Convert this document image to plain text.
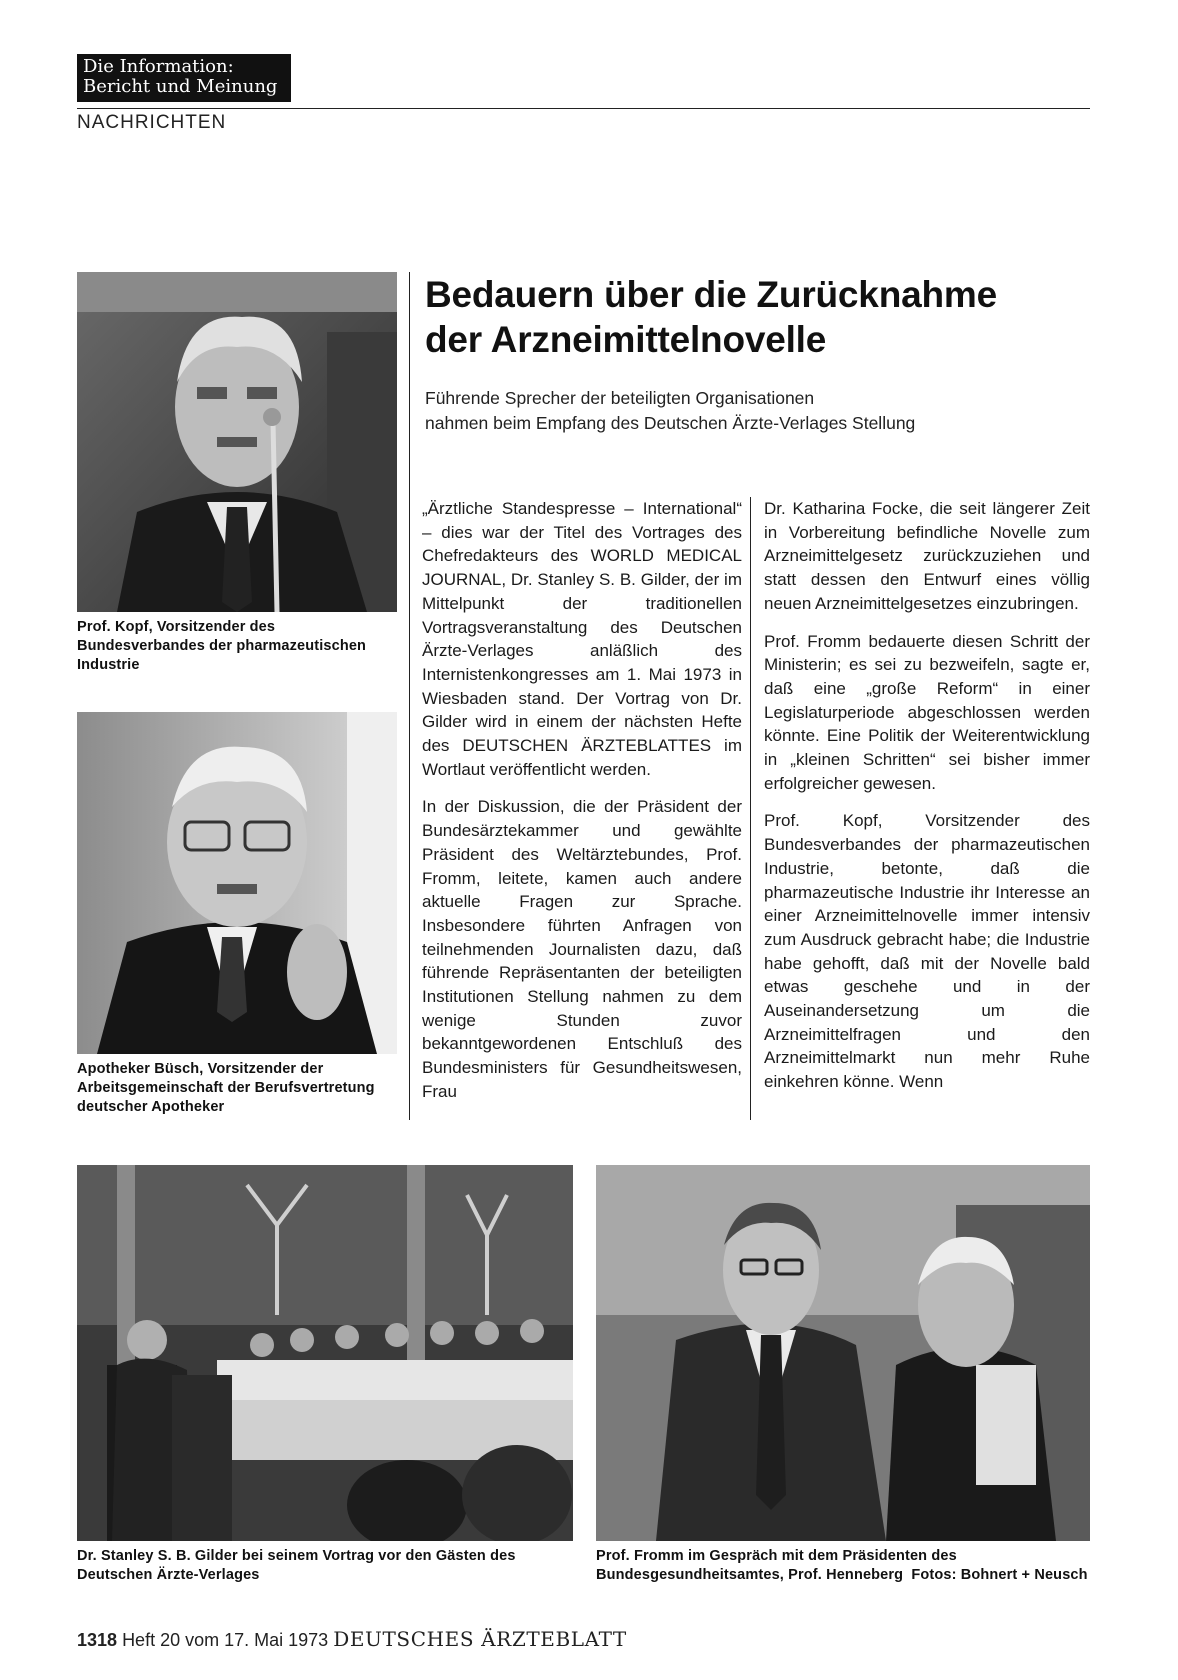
Die Information:
Bericht und Meinung
NACHRICHTEN
Prof. Kopf, Vorsitzender des Bundesverbandes der pharmazeutischen Industrie
Apotheker Büsch, Vorsitzender der Arbeitsgemeinschaft der Berufsvertretung deutscher Apotheker
Bedauern über die Zurücknahme
der Arzneimittelnovelle
Führende Sprecher der beteiligten Organisationen
nahmen beim Empfang des Deutschen Ärzte-Verlages Stellung

„Ärztliche Standespresse – International“ – dies war der Titel des Vortrages des Chefredakteurs des WORLD MEDICAL JOURNAL, Dr. Stanley S. B. Gilder, der im Mittelpunkt der traditionellen Vortragsveranstaltung des Deutschen Ärzte-Verlages anläßlich des Internistenkongresses am 1. Mai 1973 in Wiesbaden stand. Der Vortrag von Dr. Gilder wird in einem der nächsten Hefte des DEUTSCHEN ÄRZTEBLATTES im Wortlaut veröffentlicht werden.

In der Diskussion, die der Präsident der Bundesärztekammer und gewählte Präsident des Weltärztebundes, Prof. Fromm, leitete, kamen auch andere aktuelle Fragen zur Sprache. Insbesondere führten Anfragen von teilnehmenden Journalisten dazu, daß führende Repräsentanten der beteiligten Institutionen Stellung nahmen zu dem wenige Stunden zuvor bekanntgewordenen Entschluß des Bundesministers für Gesundheitswesen, Frau

Dr. Katharina Focke, die seit längerer Zeit in Vorbereitung befindliche Novelle zum Arzneimittelgesetz zurückzuziehen und statt dessen den Entwurf eines völlig neuen Arzneimittelgesetzes einzubringen.

Prof. Fromm bedauerte diesen Schritt der Ministerin; es sei zu bezweifeln, sagte er, daß eine „große Reform“ in einer Legislaturperiode abgeschlossen werden könnte. Eine Politik der Weiterentwicklung in „kleinen Schritten“ sei bisher immer erfolgreicher gewesen.

Prof. Kopf, Vorsitzender des Bundesverbandes der pharmazeutischen Industrie, betonte, daß die pharmazeutische Industrie ihr Interesse an einer Arzneimittelnovelle immer intensiv zum Ausdruck gebracht habe; die Industrie habe gehofft, daß mit der Novelle bald etwas geschehe und in der Auseinandersetzung um die Arzneimittelfragen und den Arzneimittelmarkt nun mehr Ruhe einkehren könne. Wenn

Dr. Stanley S. B. Gilder bei seinem Vortrag vor den Gästen des Deutschen Ärzte-Verlages
Prof. Fromm im Gespräch mit dem Präsidenten des Bundesgesundheitsamtes, Prof. Henneberg Fotos: Bohnert + Neusch
1318 Heft 20 vom 17. Mai 1973 DEUTSCHES ÄRZTEBLATT
